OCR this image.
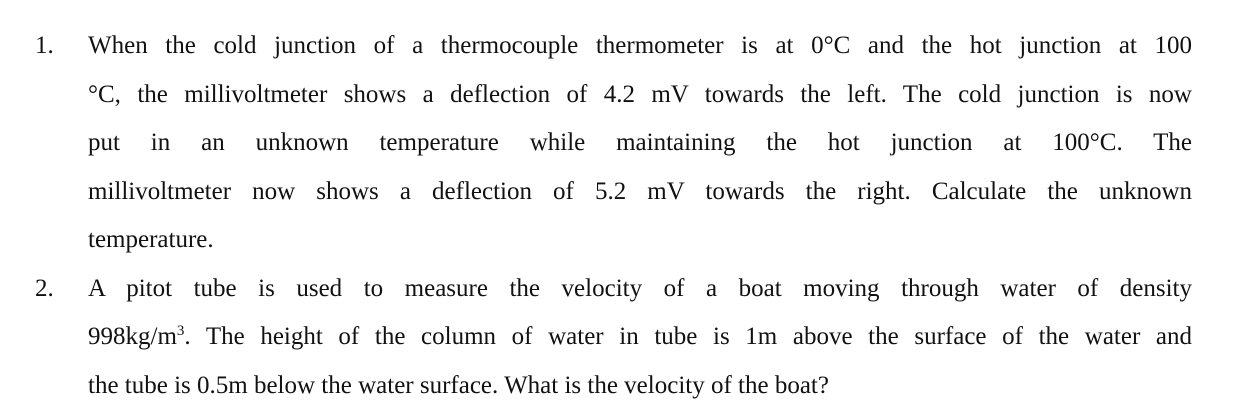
1.	When the cold junction of a thermocouple thermometer is at 0°C and the hot junction at 100
°C, the millivoltmeter shows a deflection of 4.2 mV towards the left. The cold junction is now
put in an unknown temperature while maintaining the hot junction at 100°C. The
millivoltmeter now shows a deflection of 5.2 mV towards the right. Calculate the unknown
temperature.
2.	A pitot tube is used to measure the velocity of a boat moving through water of density
$998kg/m^3$. The height of the column of water in tube is 1m above the surface of the water and
the tube is 0.5m below the water surface. What is the velocity of the boat?
